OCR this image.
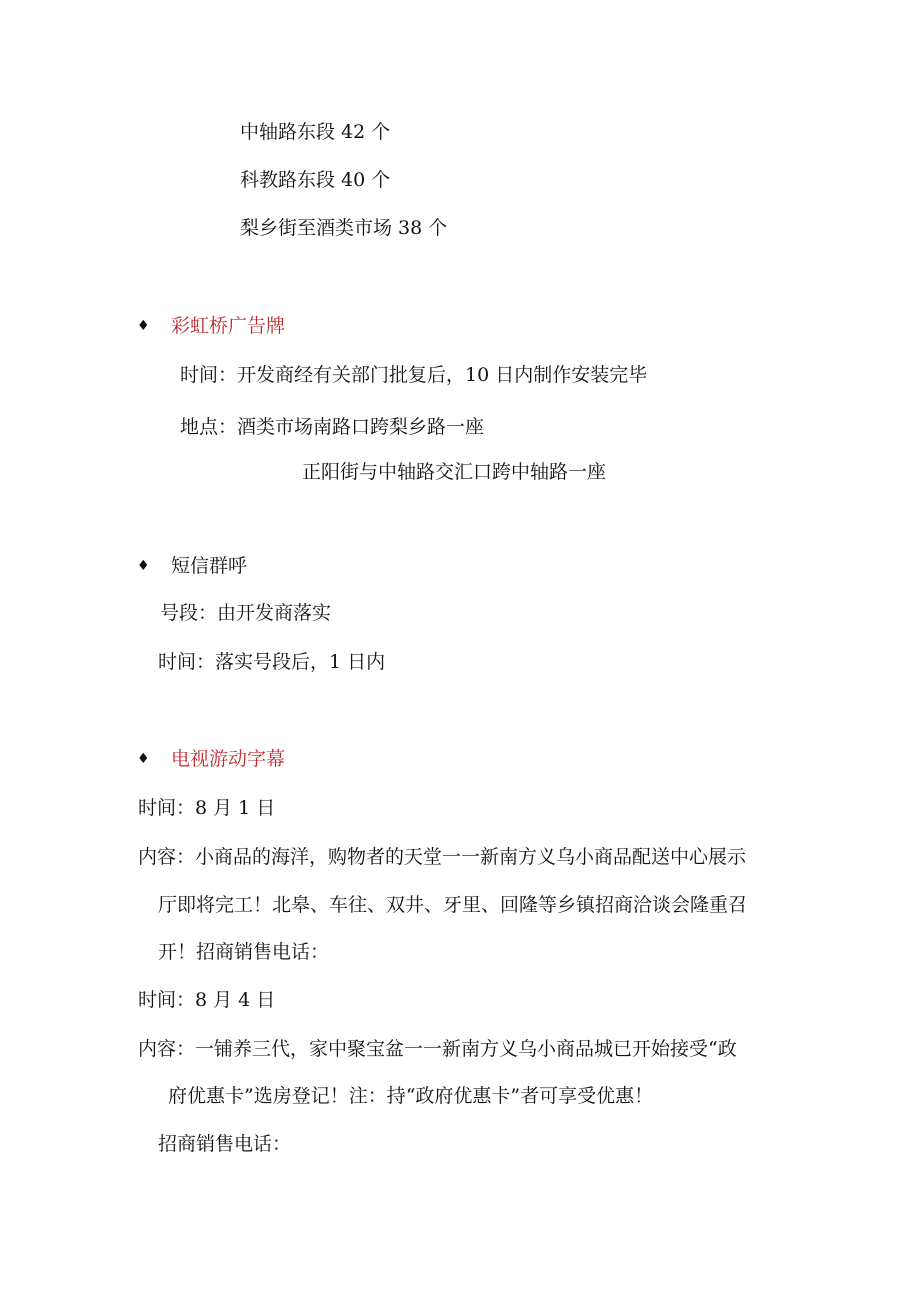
中轴路东段 42 个
科教路东段 40 个
梨乡街至酒类市场 38 个
♦ 彩虹桥广告牌
时间：开发商经有关部门批复后，10 日内制作安装完毕
地点：酒类市场南路口跨梨乡路一座
正阳街与中轴路交汇口跨中轴路一座
♦ 短信群呼
号段：由开发商落实
时间：落实号段后，1 日内
♦ 电视游动字幕
时间：8 月 1 日
内容：小商品的海洋，购物者的天堂一一新南方义乌小商品配送中心展示
厅即将完工！北皋、车往、双井、牙里、回隆等乡镇招商洽谈会隆重召
开！招商销售电话：
时间：8 月 4 日
内容：一铺养三代，家中聚宝盆一一新南方义乌小商品城已开始接受“政
府优惠卡”选房登记！注：持“政府优惠卡”者可享受优惠！
招商销售电话：
